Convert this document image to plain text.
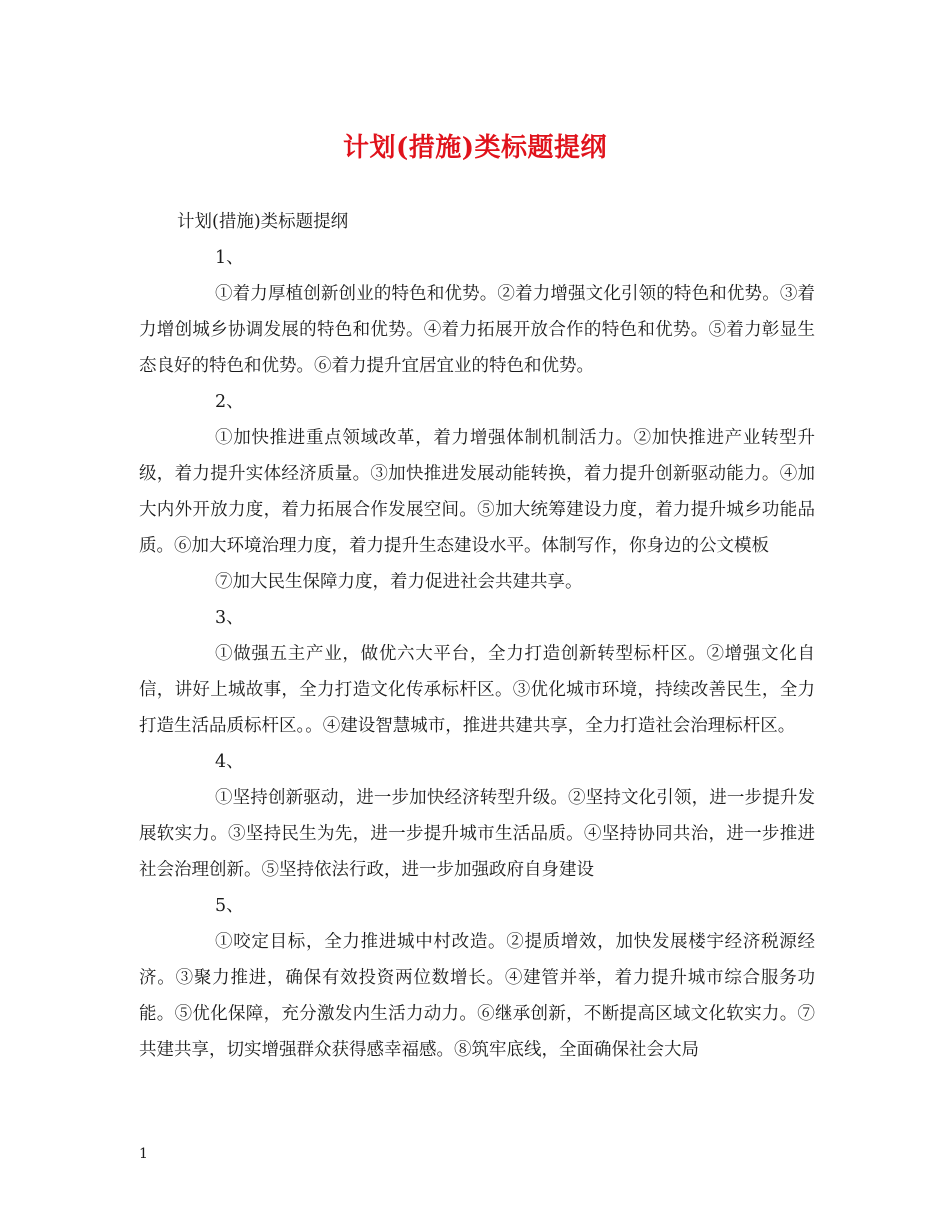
计划(措施)类标题提纲

计划(措施)类标题提纲

1、

①着力厚植创新创业的特色和优势。②着力增强文化引领的特色和优势。③着力增创城乡协调发展的特色和优势。④着力拓展开放合作的特色和优势。⑤着力彰显生态良好的特色和优势。⑥着力提升宜居宜业的特色和优势。

2、

①加快推进重点领域改革，着力增强体制机制活力。②加快推进产业转型升级，着力提升实体经济质量。③加快推进发展动能转换，着力提升创新驱动能力。④加大内外开放力度，着力拓展合作发展空间。⑤加大统筹建设力度，着力提升城乡功能品质。⑥加大环境治理力度，着力提升生态建设水平。体制写作，你身边的公文模板

⑦加大民生保障力度，着力促进社会共建共享。

3、

①做强五主产业，做优六大平台，全力打造创新转型标杆区。②增强文化自信，讲好上城故事，全力打造文化传承标杆区。③优化城市环境，持续改善民生，全力打造生活品质标杆区。。④建设智慧城市，推进共建共享，全力打造社会治理标杆区。

4、

①坚持创新驱动，进一步加快经济转型升级。②坚持文化引领，进一步提升发展软实力。③坚持民生为先，进一步提升城市生活品质。④坚持协同共治，进一步推进社会治理创新。⑤坚持依法行政，进一步加强政府自身建设

5、

①咬定目标，全力推进城中村改造。②提质增效，加快发展楼宇经济税源经济。③聚力推进，确保有效投资两位数增长。④建管并举，着力提升城市综合服务功能。⑤优化保障，充分激发内生活力动力。⑥继承创新，不断提高区域文化软实力。⑦共建共享，切实增强群众获得感幸福感。⑧筑牢底线，全面确保社会大局

1
